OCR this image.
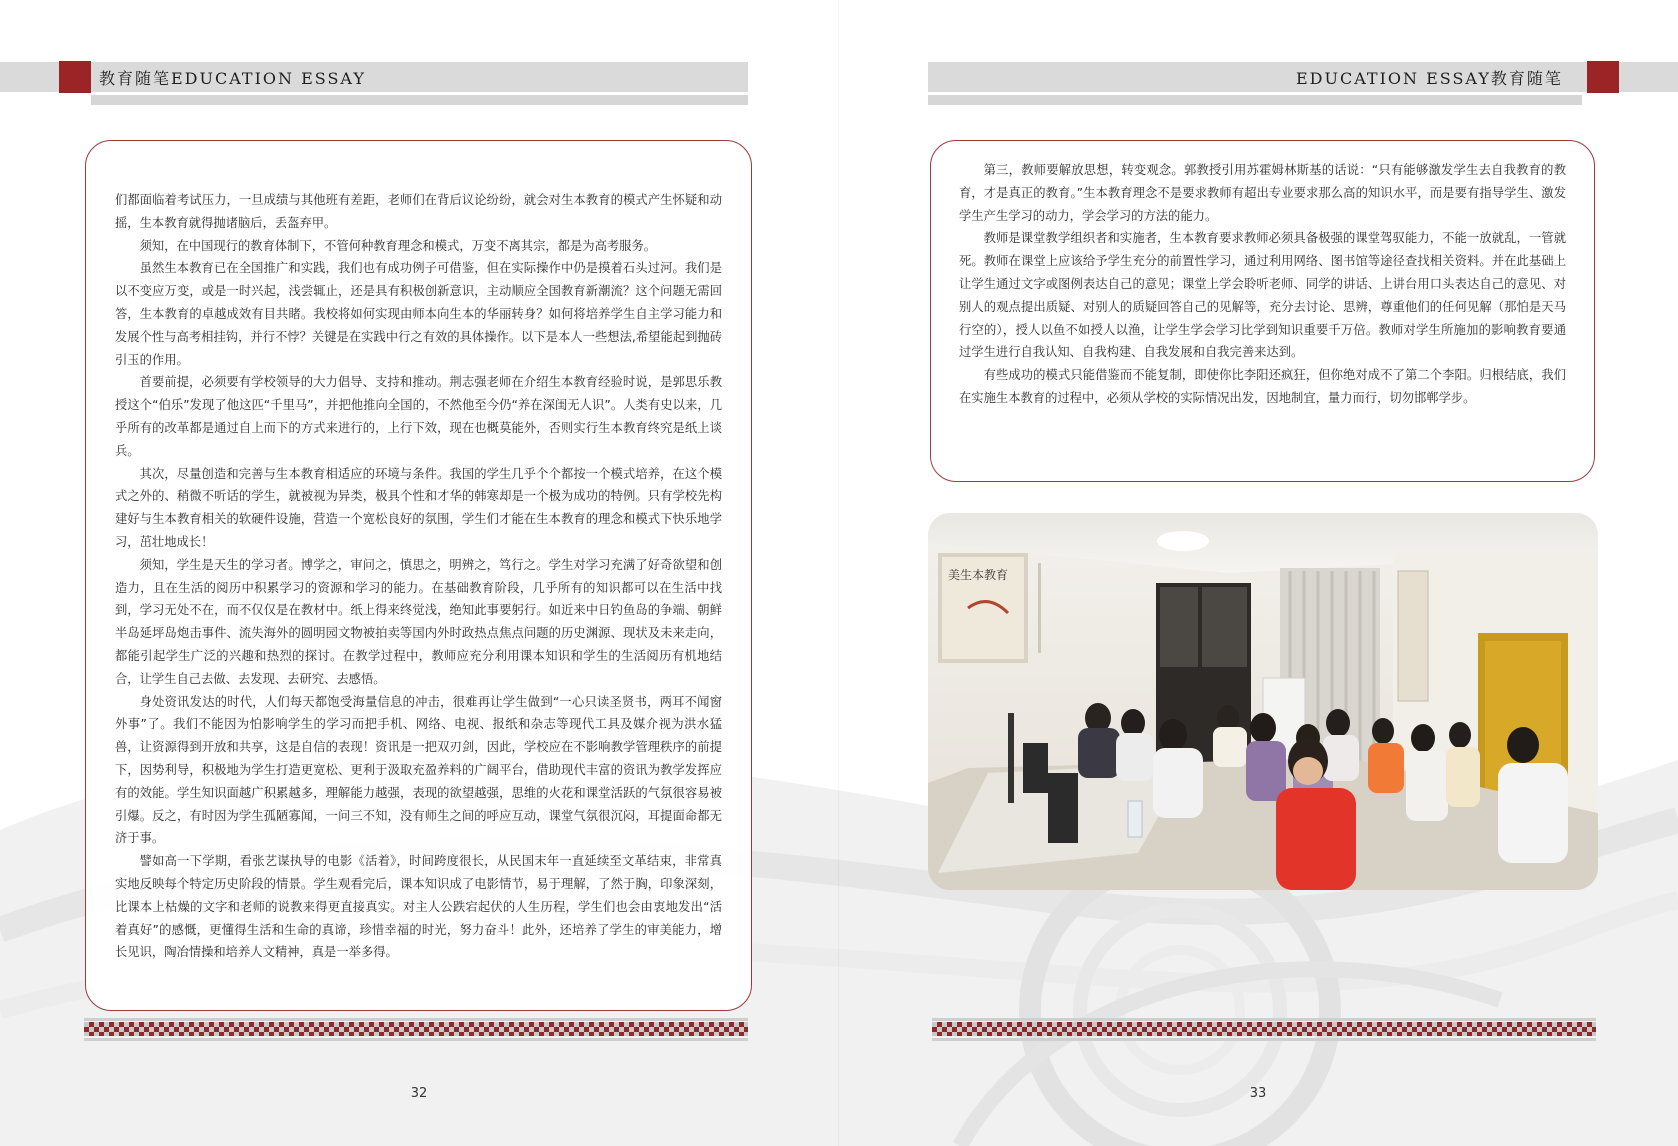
教育随笔EDUCATION ESSAY	EDUCATION ESSAY教育随笔

们都面临着考试压力，一旦成绩与其他班有差距，老师们在背后议论纷纷，就会对生本教育的模式产生怀疑和动摇，生本教育就得抛诸脑后，丢盔弃甲。

须知，在中国现行的教育体制下，不管何种教育理念和模式，万变不离其宗，都是为高考服务。

虽然生本教育已在全国推广和实践，我们也有成功例子可借鉴，但在实际操作中仍是摸着石头过河。我们是以不变应万变，或是一时兴起，浅尝辄止，还是具有积极创新意识，主动顺应全国教育新潮流？这个问题无需回答，生本教育的卓越成效有目共睹。我校将如何实现由师本向生本的华丽转身？如何将培养学生自主学习能力和发展个性与高考相挂钩，并行不悖？关键是在实践中行之有效的具体操作。以下是本人一些想法,希望能起到抛砖引玉的作用。

首要前提，必须要有学校领导的大力倡导、支持和推动。荆志强老师在介绍生本教育经验时说，是郭思乐教授这个“伯乐”发现了他这匹“千里马”，并把他推向全国的，不然他至今仍“养在深闺无人识”。人类有史以来，几乎所有的改革都是通过自上而下的方式来进行的，上行下效，现在也概莫能外，否则实行生本教育终究是纸上谈兵。

其次，尽量创造和完善与生本教育相适应的环境与条件。我国的学生几乎个个都按一个模式培养，在这个模式之外的、稍微不听话的学生，就被视为异类，极具个性和才华的韩寒却是一个极为成功的特例。只有学校先构建好与生本教育相关的软硬件设施，营造一个宽松良好的氛围，学生们才能在生本教育的理念和模式下快乐地学习，茁壮地成长！

须知，学生是天生的学习者。博学之，审问之，慎思之，明辨之，笃行之。学生对学习充满了好奇欲望和创造力，且在生活的阅历中积累学习的资源和学习的能力。在基础教育阶段，几乎所有的知识都可以在生活中找到，学习无处不在，而不仅仅是在教材中。纸上得来终觉浅，绝知此事要躬行。如近来中日钓鱼岛的争端、朝鲜半岛延坪岛炮击事件、流失海外的圆明园文物被拍卖等国内外时政热点焦点问题的历史渊源、现状及未来走向，都能引起学生广泛的兴趣和热烈的探讨。在教学过程中，教师应充分利用课本知识和学生的生活阅历有机地结合，让学生自己去做、去发现、去研究、去感悟。

身处资讯发达的时代，人们每天都饱受海量信息的冲击，很难再让学生做到“一心只读圣贤书，两耳不闻窗外事”了。我们不能因为怕影响学生的学习而把手机、网络、电视、报纸和杂志等现代工具及媒介视为洪水猛兽，让资源得到开放和共享，这是自信的表现！资讯是一把双刃剑，因此，学校应在不影响教学管理秩序的前提下，因势利导，积极地为学生打造更宽松、更利于汲取充盈养料的广阔平台，借助现代丰富的资讯为教学发挥应有的效能。学生知识面越广积累越多，理解能力越强，表现的欲望越强，思维的火花和课堂活跃的气氛很容易被引爆。反之，有时因为学生孤陋寡闻，一问三不知，没有师生之间的呼应互动，课堂气氛很沉闷，耳提面命都无济于事。

譬如高一下学期，看张艺谋执导的电影《活着》，时间跨度很长，从民国末年一直延续至文革结束，非常真实地反映每个特定历史阶段的情景。学生观看完后，课本知识成了电影情节，易于理解，了然于胸，印象深刻，比课本上枯燥的文字和老师的说教来得更直接真实。对主人公跌宕起伏的人生历程，学生们也会由衷地发出“活着真好”的感慨，更懂得生活和生命的真谛，珍惜幸福的时光，努力奋斗！此外，还培养了学生的审美能力，增长见识，陶冶情操和培养人文精神，真是一举多得。

第三，教师要解放思想，转变观念。郭教授引用苏霍姆林斯基的话说：“只有能够激发学生去自我教育的教育，才是真正的教育。”生本教育理念不是要求教师有超出专业要求那么高的知识水平，而是要有指导学生、激发学生产生学习的动力，学会学习的方法的能力。

教师是课堂教学组织者和实施者，生本教育要求教师必须具备极强的课堂驾驭能力，不能一放就乱，一管就死。教师在课堂上应该给予学生充分的前置性学习，通过利用网络、图书馆等途径查找相关资料。并在此基础上让学生通过文字或图例表达自己的意见；课堂上学会聆听老师、同学的讲话、上讲台用口头表达自己的意见、对别人的观点提出质疑、对别人的质疑回答自己的见解等，充分去讨论、思辨，尊重他们的任何见解（那怕是天马行空的），授人以鱼不如授人以渔，让学生学会学习比学到知识重要千万倍。教师对学生所施加的影响教育要通过学生进行自我认知、自我构建、自我发展和自我完善来达到。

有些成功的模式只能借鉴而不能复制，即使你比李阳还疯狂，但你绝对成不了第二个李阳。归根结底，我们在实施生本教育的过程中，必须从学校的实际情况出发，因地制宜，量力而行，切勿邯郸学步。

美生本教育
32	33
